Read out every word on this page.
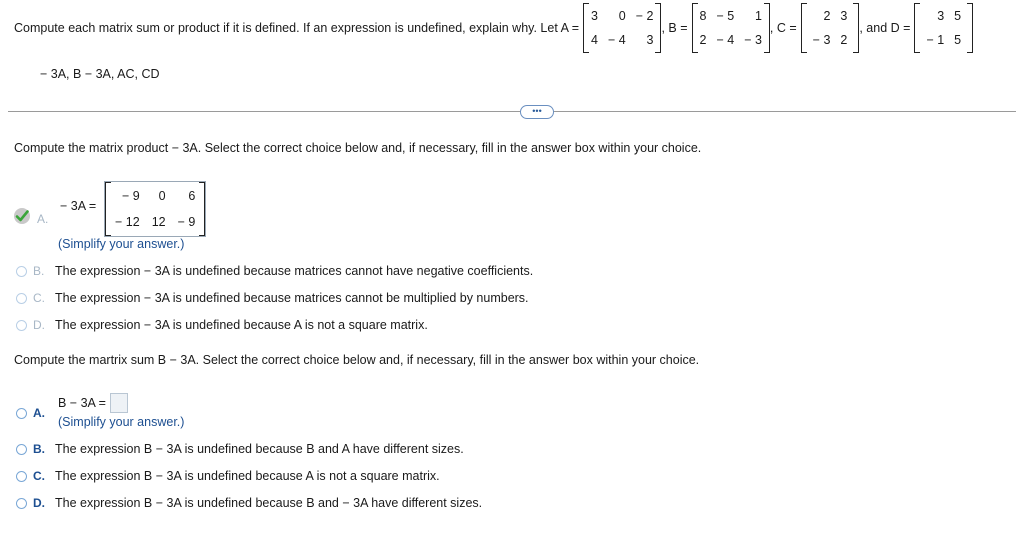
Compute each matrix sum or product if it is defined. If an expression is undefined, explain why. Let A =
3	0 − 2
4 − 4	3
, B =
8 − 5	1
2 − 4 − 3
, C =
2 3
− 3 2
, and D =
3 5
− 1 5
− 3A, B − 3A, AC, CD
•••
Compute the matrix product − 3A. Select the correct choice below and, if necessary, fill in the answer box within your choice.
A.
− 3A =
− 9	0	6
− 12 12 − 9
(Simplify your answer.)
B. The expression − 3A is undefined because matrices cannot have negative coefficients.
C. The expression − 3A is undefined because matrices cannot be multiplied by numbers.
D. The expression − 3A is undefined because A is not a square matrix.
Compute the martrix sum B − 3A. Select the correct choice below and, if necessary, fill in the answer box within your choice.
A.
B − 3A =
(Simplify your answer.)
B. The expression B − 3A is undefined because B and A have different sizes.
C. The expression B − 3A is undefined because A is not a square matrix.
D. The expression B − 3A is undefined because B and − 3A have different sizes.
